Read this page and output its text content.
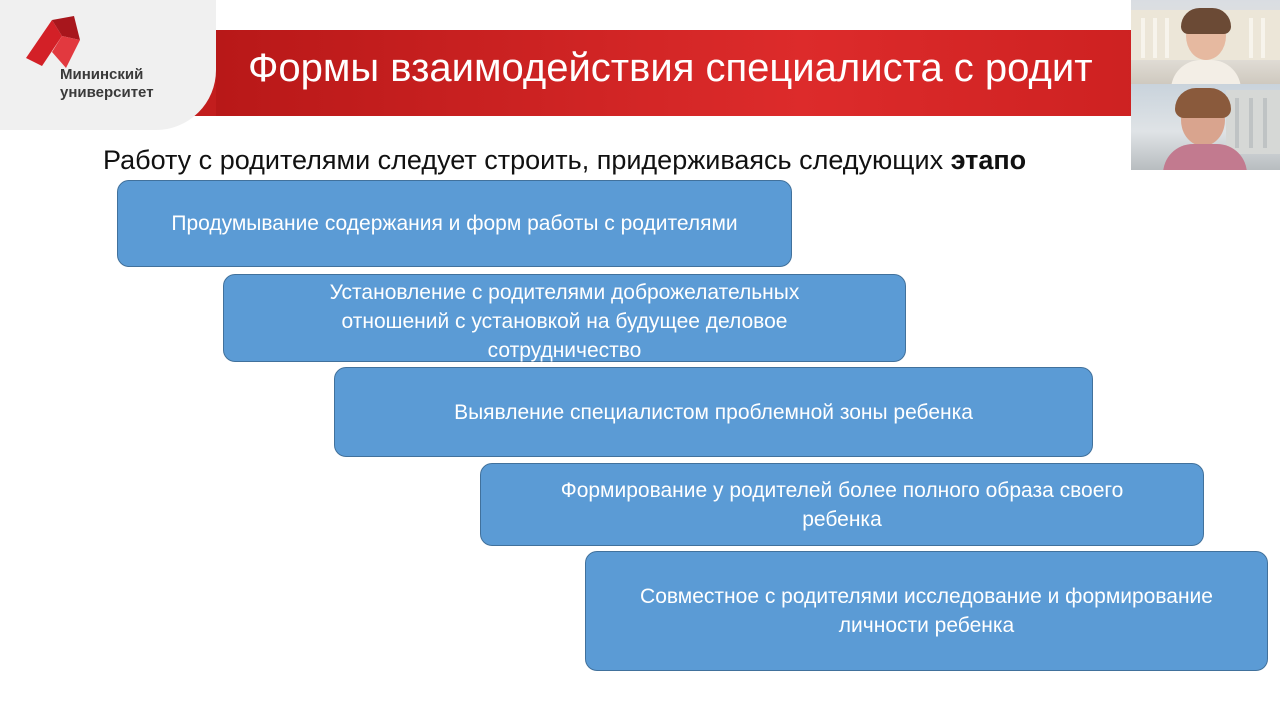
Мининский
университет
Формы взаимодействия специалиста с родит
Работу с родителями следует строить, придерживаясь следующих этапо
Продумывание содержания и форм работы с родителями
Установление с родителями доброжелательных отношений с установкой на будущее деловое сотрудничество
Выявление специалистом проблемной зоны ребенка
Формирование у родителей более полного образа своего ребенка
Совместное с родителями исследование и формирование личности ребенка
